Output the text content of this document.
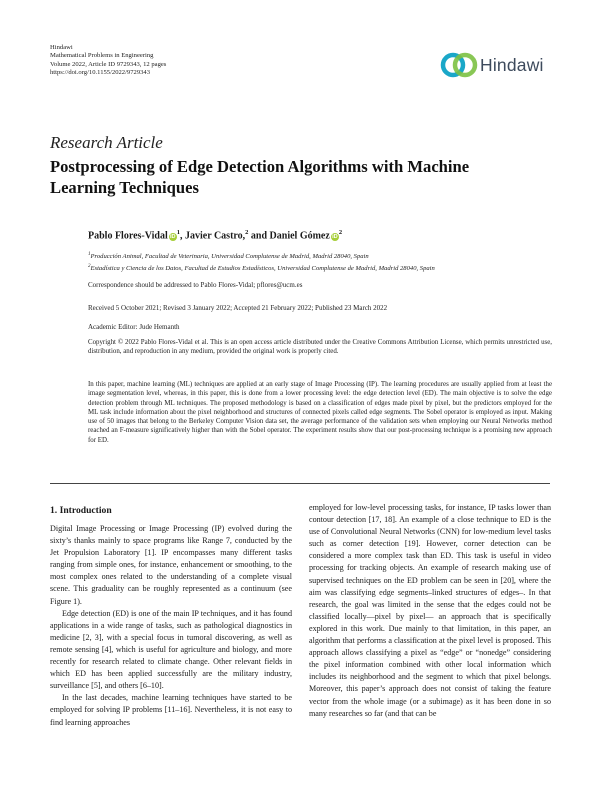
Hindawi
Mathematical Problems in Engineering
Volume 2022, Article ID 9729343, 12 pages
https://doi.org/10.1155/2022/9729343	Hindawi
Research Article
Postprocessing of Edge Detection Algorithms with Machine Learning Techniques
Pablo Flores-Vidal $iD^1$, Javier Castro,$^2$ and Daniel Gómez $iD^2$
$^1$Producción Animal, Facultad de Veterinaria, Universidad Complutense de Madrid, Madrid 28040, Spain
$^2$Estadística y Ciencia de los Datos, Facultad de Estudios Estadísticos, Universidad Complutense de Madrid, Madrid 28040, Spain
Correspondence should be addressed to Pablo Flores-Vidal; pflores@ucm.es
Received 5 October 2021; Revised 3 January 2022; Accepted 21 February 2022; Published 23 March 2022
Academic Editor: Jude Hemanth
Copyright © 2022 Pablo Flores-Vidal et al. This is an open access article distributed under the Creative Commons Attribution License, which permits unrestricted use, distribution, and reproduction in any medium, provided the original work is properly cited.
In this paper, machine learning (ML) techniques are applied at an early stage of Image Processing (IP). The learning procedures are usually applied from at least the image segmentation level, whereas, in this paper, this is done from a lower processing level: the edge detection level (ED). The main objective is to solve the edge detection problem through ML techniques. The proposed methodology is based on a classification of edges made pixel by pixel, but the predictors employed for the ML task include information about the pixel neighborhood and structures of connected pixels called edge segments. The Sobel operator is employed as input. Making use of 50 images that belong to the Berkeley Computer Vision data set, the average performance of the validation sets when employing our Neural Networks method reached an F-measure significatively higher than with the Sobel operator. The experiment results show that our post-processing technique is a promising new approach for ED.
1. Introduction

Digital Image Processing or Image Processing (IP) evolved during the sixty’s thanks mainly to space programs like Range 7, conducted by the Jet Propulsion Laboratory [1]. IP encompasses many different tasks ranging from simple ones, for instance, enhancement or smoothing, to the most complex ones related to the understanding of a complete visual scene. This graduality can be roughly represented as a continuum (see Figure 1).

Edge detection (ED) is one of the main IP techniques, and it has found applications in a wide range of tasks, such as pathological diagnostics in medicine [2, 3], with a special focus in tumoral discovering, as well as remote sensing [4], which is useful for agriculture and biology, and more recently for research related to climate change. Other relevant fields in which ED has been applied successfully are the military industry, surveillance [5], and others [6–10].

In the last decades, machine learning techniques have started to be employed for solving IP problems [11–16]. Nevertheless, it is not easy to find learning approaches

employed for low-level processing tasks, for instance, IP tasks lower than contour detection [17, 18]. An example of a close technique to ED is the use of Convolutional Neural Networks (CNN) for low-medium level tasks such as corner detection [19]. However, corner detection can be considered a more complex task than ED. This task is useful in video processing for tracking objects. An example of research making use of supervised techniques on the ED problem can be seen in [20], where the aim was classifying edge segments–linked structures of edges–. In that research, the goal was limited in the sense that the edges could not be classified locally—pixel by pixel— an approach that is specifically explored in this work. Due mainly to that limitation, in this paper, an algorithm that performs a classification at the pixel level is proposed. This approach allows classifying a pixel as “edge” or “nonedge” considering the pixel information combined with other local information which includes its neighborhood and the segment to which that pixel belongs. Moreover, this paper’s approach does not consist of taking the feature vector from the whole image (or a subimage) as it has been done in so many researches so far (and that can be
